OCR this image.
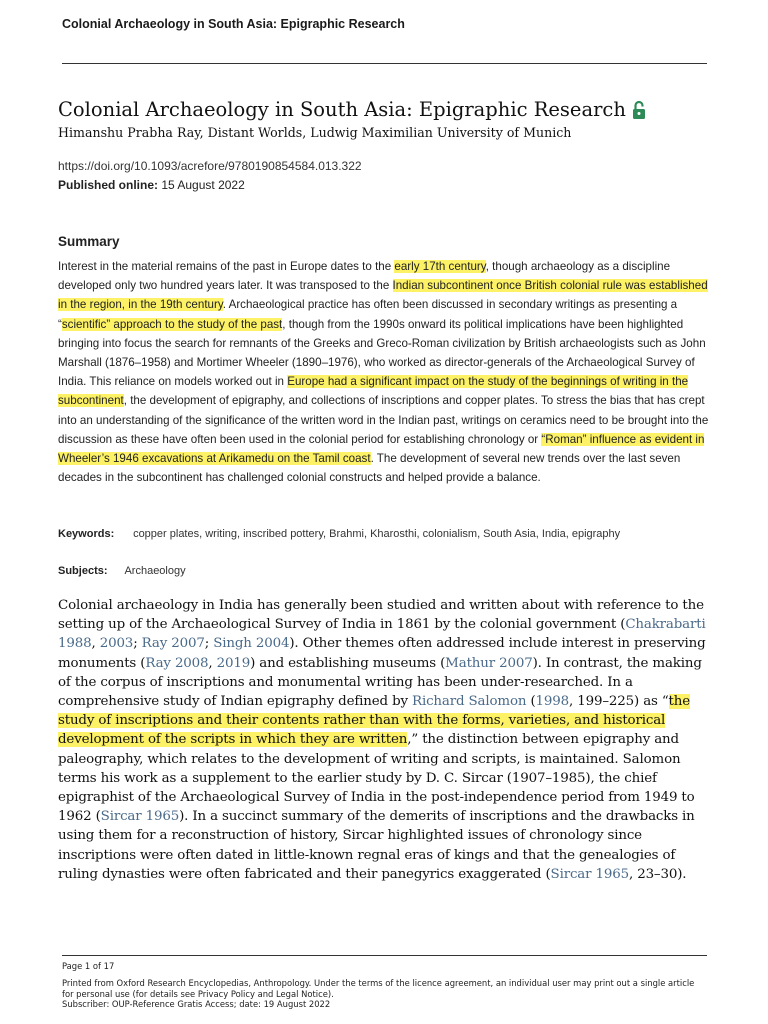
Colonial Archaeology in South Asia: Epigraphic Research
Colonial Archaeology in South Asia: Epigraphic Research
Himanshu Prabha Ray, Distant Worlds, Ludwig Maximilian University of Munich
https://doi.org/10.1093/acrefore/9780190854584.013.322
Published online: 15 August 2022
Summary

Interest in the material remains of the past in Europe dates to the early 17th century, though archaeology as a discipline developed only two hundred years later. It was transposed to the Indian subcontinent once British colonial rule was established in the region, in the 19th century. Archaeological practice has often been discussed in secondary writings as presenting a “scientific” approach to the study of the past, though from the 1990s onward its political implications have been highlighted bringing into focus the search for remnants of the Greeks and Greco-Roman civilization by British archaeologists such as John Marshall (1876–1958) and Mortimer Wheeler (1890–1976), who worked as director-generals of the Archaeological Survey of India. This reliance on models worked out in Europe had a significant impact on the study of the beginnings of writing in the subcontinent, the development of epigraphy, and collections of inscriptions and copper plates. To stress the bias that has crept into an understanding of the significance of the written word in the Indian past, writings on ceramics need to be brought into the discussion as these have often been used in the colonial period for establishing chronology or “Roman” influence as evident in Wheeler’s 1946 excavations at Arikamedu on the Tamil coast. The development of several new trends over the last seven decades in the subcontinent has challenged colonial constructs and helped provide a balance.

Keywords: copper plates, writing, inscribed pottery, Brahmi, Kharosthi, colonialism, South Asia, India, epigraphy
Subjects: Archaeology

Colonial archaeology in India has generally been studied and written about with reference to the setting up of the Archaeological Survey of India in 1861 by the colonial government (Chakrabarti 1988, 2003; Ray 2007; Singh 2004). Other themes often addressed include interest in preserving monuments (Ray 2008, 2019) and establishing museums (Mathur 2007). In contrast, the making of the corpus of inscriptions and monumental writing has been under-researched. In a comprehensive study of Indian epigraphy defined by Richard Salomon (1998, 199–225) as “the study of inscriptions and their contents rather than with the forms, varieties, and historical development of the scripts in which they are written,” the distinction between epigraphy and paleography, which relates to the development of writing and scripts, is maintained. Salomon terms his work as a supplement to the earlier study by D. C. Sircar (1907–1985), the chief epigraphist of the Archaeological Survey of India in the post-independence period from 1949 to 1962 (Sircar 1965). In a succinct summary of the demerits of inscriptions and the drawbacks in using them for a reconstruction of history, Sircar highlighted issues of chronology since inscriptions were often dated in little-known regnal eras of kings and that the genealogies of ruling dynasties were often fabricated and their panegyrics exaggerated (Sircar 1965, 23–30).

Page 1 of 17
Printed from Oxford Research Encyclopedias, Anthropology. Under the terms of the licence agreement, an individual user may print out a single article for personal use (for details see Privacy Policy and Legal Notice).
Subscriber: OUP-Reference Gratis Access; date: 19 August 2022
